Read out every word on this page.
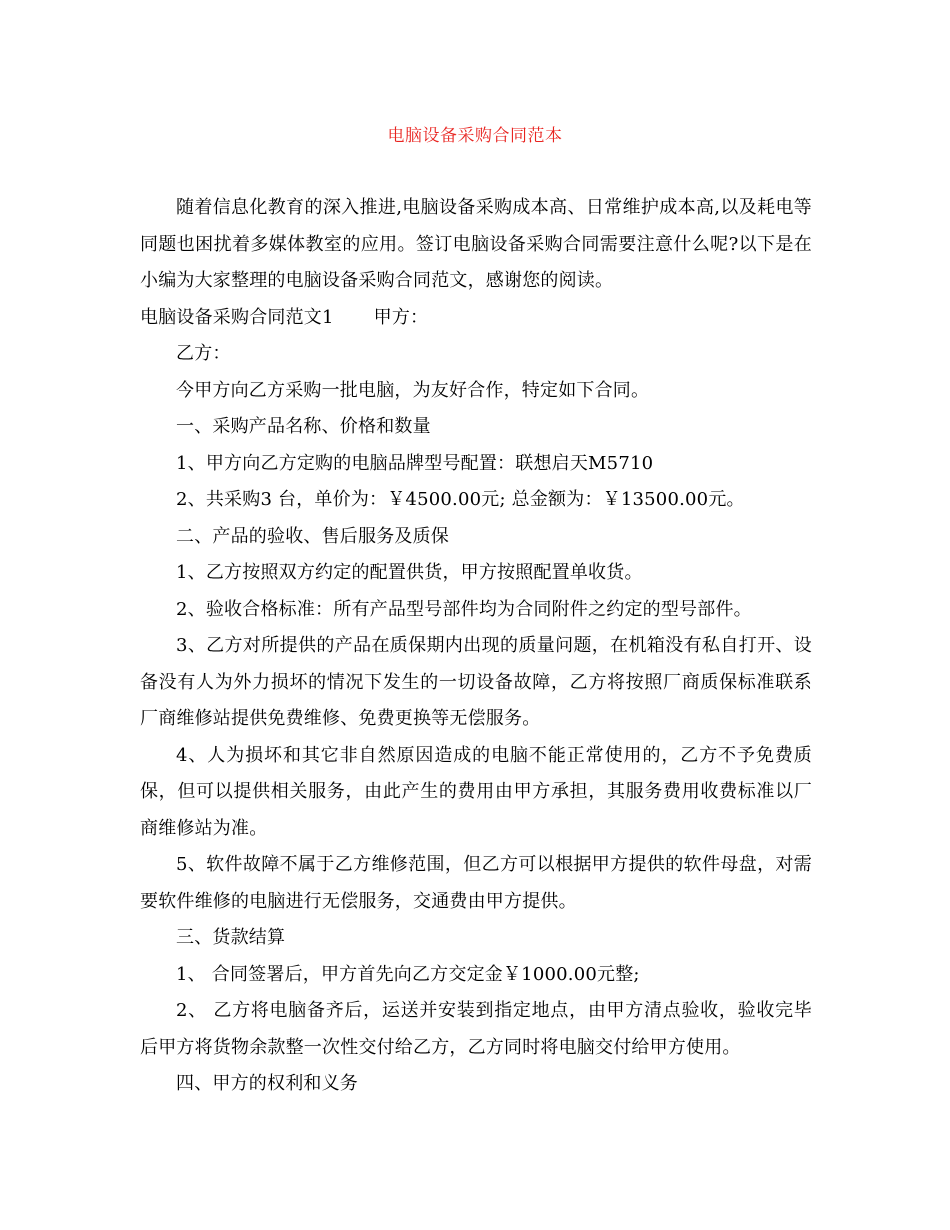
电脑设备采购合同范本

随着信息化教育的深入推进,电脑设备采购成本高、日常维护成本高,以及耗电等同题也困扰着多媒体教室的应用。签订电脑设备采购合同需要注意什么呢?以下是在小编为大家整理的电脑设备采购合同范文，感谢您的阅读。

电脑设备采购合同范文1 甲方：

乙方：

今甲方向乙方采购一批电脑，为友好合作，特定如下合同。

一、采购产品名称、价格和数量

1、甲方向乙方定购的电脑品牌型号配置：联想启天M5710

2、共采购3 台，单价为：￥4500.00元; 总金额为：￥13500.00元。

二、产品的验收、售后服务及质保

1、乙方按照双方约定的配置供货，甲方按照配置单收货。

2、验收合格标准：所有产品型号部件均为合同附件之约定的型号部件。

3、乙方对所提供的产品在质保期内出现的质量问题，在机箱没有私自打开、设备没有人为外力损坏的情况下发生的一切设备故障，乙方将按照厂商质保标准联系厂商维修站提供免费维修、免费更换等无偿服务。

4、人为损坏和其它非自然原因造成的电脑不能正常使用的，乙方不予免费质保，但可以提供相关服务，由此产生的费用由甲方承担，其服务费用收费标准以厂商维修站为准。

5、软件故障不属于乙方维修范围，但乙方可以根据甲方提供的软件母盘，对需要软件维修的电脑进行无偿服务，交通费由甲方提供。

三、货款结算

1、 合同签署后，甲方首先向乙方交定金￥1000.00元整;

2、 乙方将电脑备齐后，运送并安装到指定地点，由甲方清点验收，验收完毕后甲方将货物余款整一次性交付给乙方，乙方同时将电脑交付给甲方使用。

四、甲方的权利和义务
